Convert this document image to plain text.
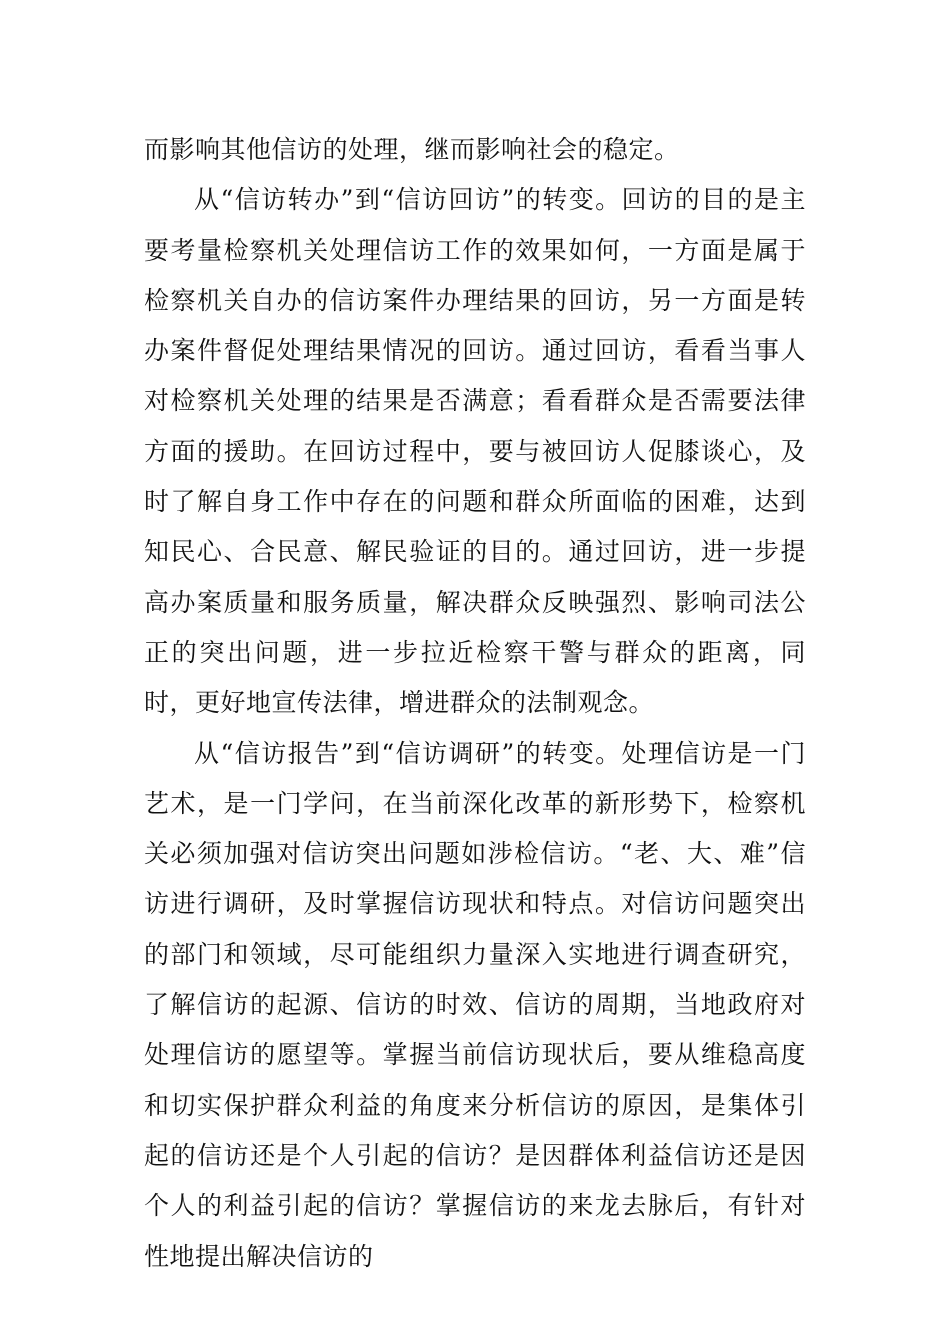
而影响其他信访的处理，继而影响社会的稳定。

从“信访转办”到“信访回访”的转变。回访的目的是主要考量检察机关处理信访工作的效果如何，一方面是属于检察机关自办的信访案件办理结果的回访，另一方面是转办案件督促处理结果情况的回访。通过回访，看看当事人对检察机关处理的结果是否满意；看看群众是否需要法律方面的援助。在回访过程中，要与被回访人促膝谈心，及时了解自身工作中存在的问题和群众所面临的困难，达到知民心、合民意、解民验证的目的。通过回访，进一步提高办案质量和服务质量，解决群众反映强烈、影响司法公正的突出问题，进一步拉近检察干警与群众的距离，同时，更好地宣传法律，增进群众的法制观念。

从“信访报告”到“信访调研”的转变。处理信访是一门艺术，是一门学问，在当前深化改革的新形势下，检察机关必须加强对信访突出问题如涉检信访。“老、大、难”信访进行调研，及时掌握信访现状和特点。对信访问题突出的部门和领域，尽可能组织力量深入实地进行调查研究，了解信访的起源、信访的时效、信访的周期，当地政府对处理信访的愿望等。掌握当前信访现状后，要从维稳高度和切实保护群众利益的角度来分析信访的原因，是集体引起的信访还是个人引起的信访？是因群体利益信访还是因个人的利益引起的信访？掌握信访的来龙去脉后，有针对性地提出解决信访的
